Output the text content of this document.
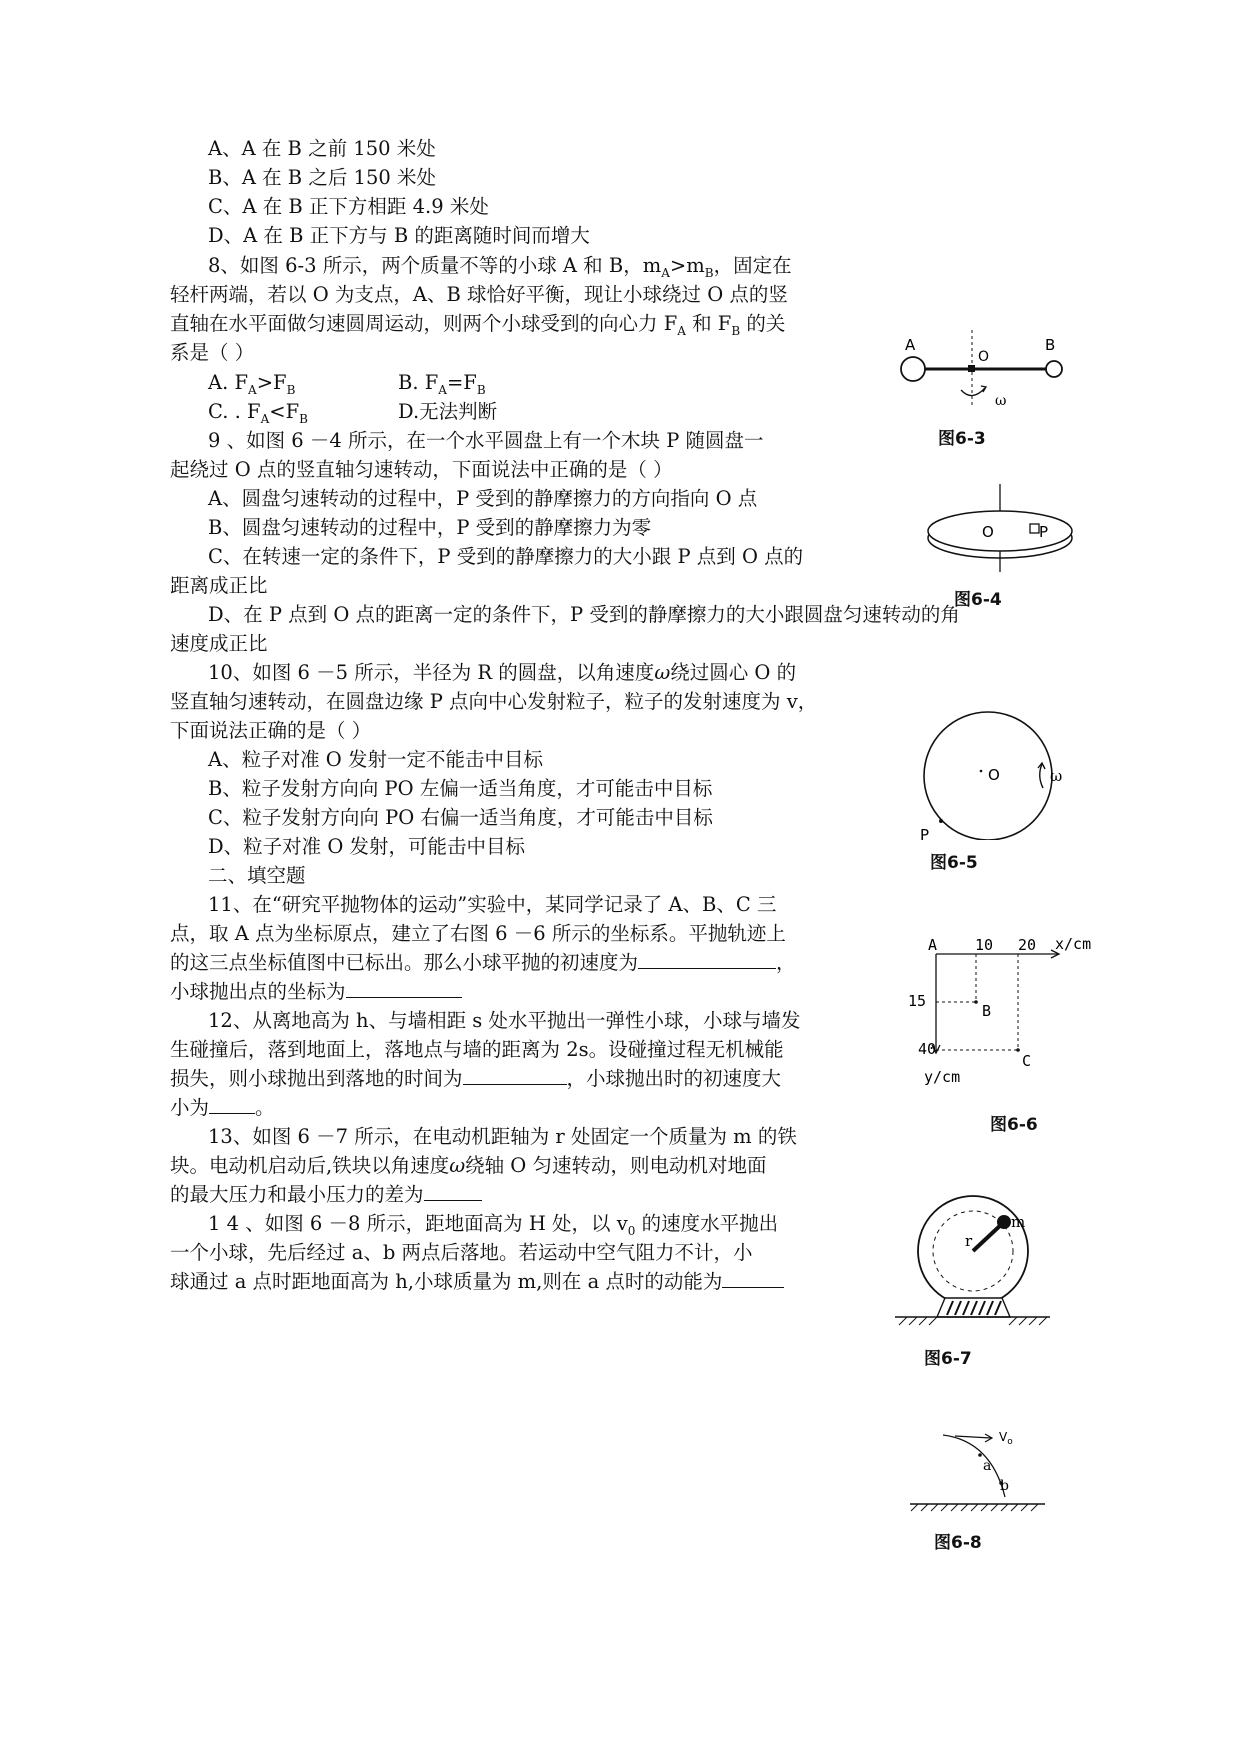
A、A 在 B 之前 150 米处
B、A 在 B 之后 150 米处
C、A 在 B 正下方相距 4.9 米处
D、A 在 B 正下方与 B 的距离随时间而增大
8、如图 6-3 所示，两个质量不等的小球 A 和 B，$m_A>m_B$，固定在
轻杆两端，若以 O 为支点，A、B 球恰好平衡，现让小球绕过 O 点的竖
直轴在水平面做匀速圆周运动，则两个小球受到的向心力 $F_A$ 和 $F_B$ 的关
系是（ ）
A. $F_A>F_B$	B. $F_A=F_B$
C. . $F_A<F_B$	D.无法判断
9 、如图 6 －4 所示，在一个水平圆盘上有一个木块 P 随圆盘一
起绕过 O 点的竖直轴匀速转动，下面说法中正确的是（ ）
A、圆盘匀速转动的过程中，P 受到的静摩擦力的方向指向 O 点
B、圆盘匀速转动的过程中，P 受到的静摩擦力为零
C、在转速一定的条件下，P 受到的静摩擦力的大小跟 P 点到 O 点的
距离成正比
D、在 P 点到 O 点的距离一定的条件下，P 受到的静摩擦力的大小跟圆盘匀速转动的角
速度成正比
10、如图 6 －5 所示，半径为 R 的圆盘，以角速度ω绕过圆心 O 的
竖直轴匀速转动，在圆盘边缘 P 点向中心发射粒子，粒子的发射速度为 v，
下面说法正确的是（ ）
A、粒子对准 O 发射一定不能击中目标
B、粒子发射方向向 PO 左偏一适当角度，才可能击中目标
C、粒子发射方向向 PO 右偏一适当角度，才可能击中目标
D、粒子对准 O 发射，可能击中目标
二、填空题
11、在“研究平抛物体的运动”实验中，某同学记录了 A、B、C 三
点，取 A 点为坐标原点，建立了右图 6 －6 所示的坐标系。平抛轨迹上
的这三点坐标值图中已标出。那么小球平抛的初速度为	，
小球抛出点的坐标为
12、从离地高为 h、与墙相距 s 处水平抛出一弹性小球，小球与墙发
生碰撞后，落到地面上，落地点与墙的距离为 2s。设碰撞过程无机械能
损失，则小球抛出到落地的时间为	，小球抛出时的初速度大
小为 。
13、如图 6 －7 所示，在电动机距轴为 r 处固定一个质量为 m 的铁
块。电动机启动后,铁块以角速度ω绕轴 O 匀速转动，则电动机对地面
的最大压力和最小压力的差为
1 4 、如图 6 －8 所示，距地面高为 H 处，以 $v_0$ 的速度水平抛出
一个小球，先后经过 a、b 两点后落地。若运动中空气阻力不计，小
球通过 a 点时距地面高为 h,小球质量为 m,则在 a 点时的动能为
A	B
O
ω
图6-3
O	P
图6-4
O
P
ω
图6-5
A	10 20 x/cm
15
40
B
C
y/cm
图6-6
r
m
图6-7
$V_o$
a
b
图6-8
